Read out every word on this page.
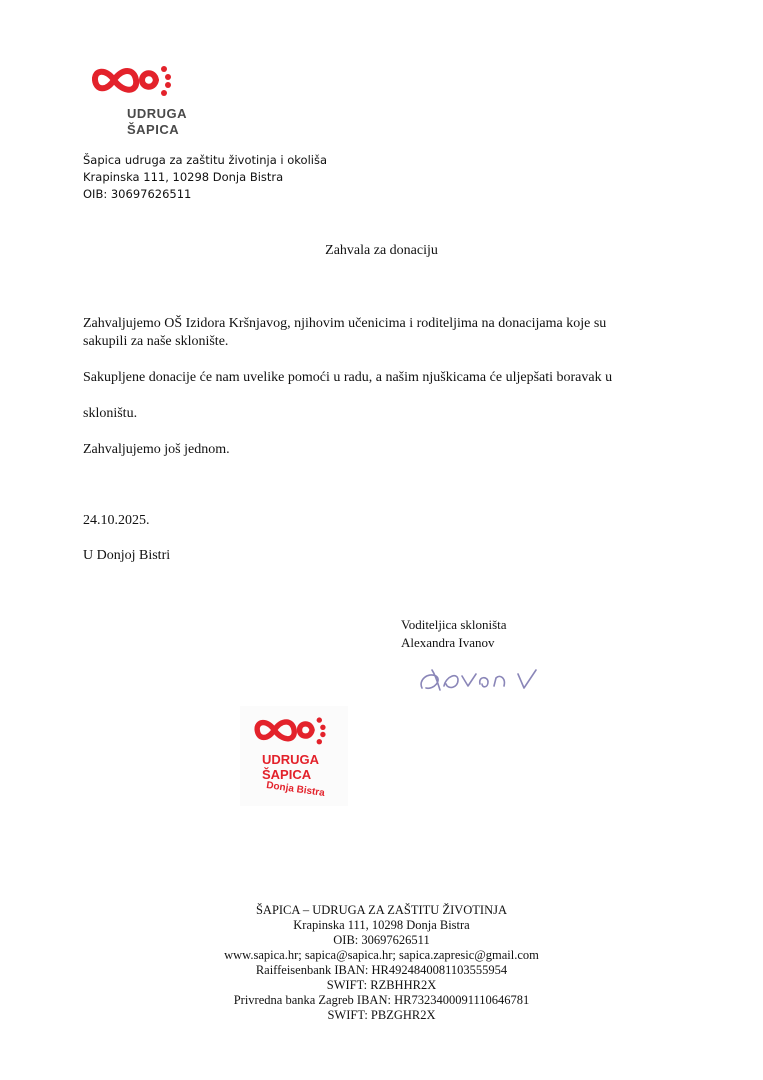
UDRUGA
ŠAPICA
Šapica udruga za zaštitu životinja i okoliša
Krapinska 111, 10298 Donja Bistra
OIB: 30697626511
Zahvala za donaciju
Zahvaljujemo OŠ Izidora Kršnjavog, njihovim učenicima i roditeljima na donacijama koje su
sakupili za naše sklonište.
Sakupljene donacije će nam uvelike pomoći u radu, a našim njuškicama će uljepšati boravak u
skloništu.
Zahvaljujemo još jednom.
24.10.2025.
U Donjoj Bistri
Voditeljica skloništa
Alexandra Ivanov
UDRUGA
ŠAPICA
Donja Bistra
ŠAPICA – UDRUGA ZA ZAŠTITU ŽIVOTINJA
Krapinska 111, 10298 Donja Bistra
OIB: 30697626511
www.sapica.hr; sapica@sapica.hr; sapica.zapresic@gmail.com
Raiffeisenbank IBAN: HR4924840081103555954
SWIFT: RZBHHR2X
Privredna banka Zagreb IBAN: HR7323400091110646781
SWIFT: PBZGHR2X
